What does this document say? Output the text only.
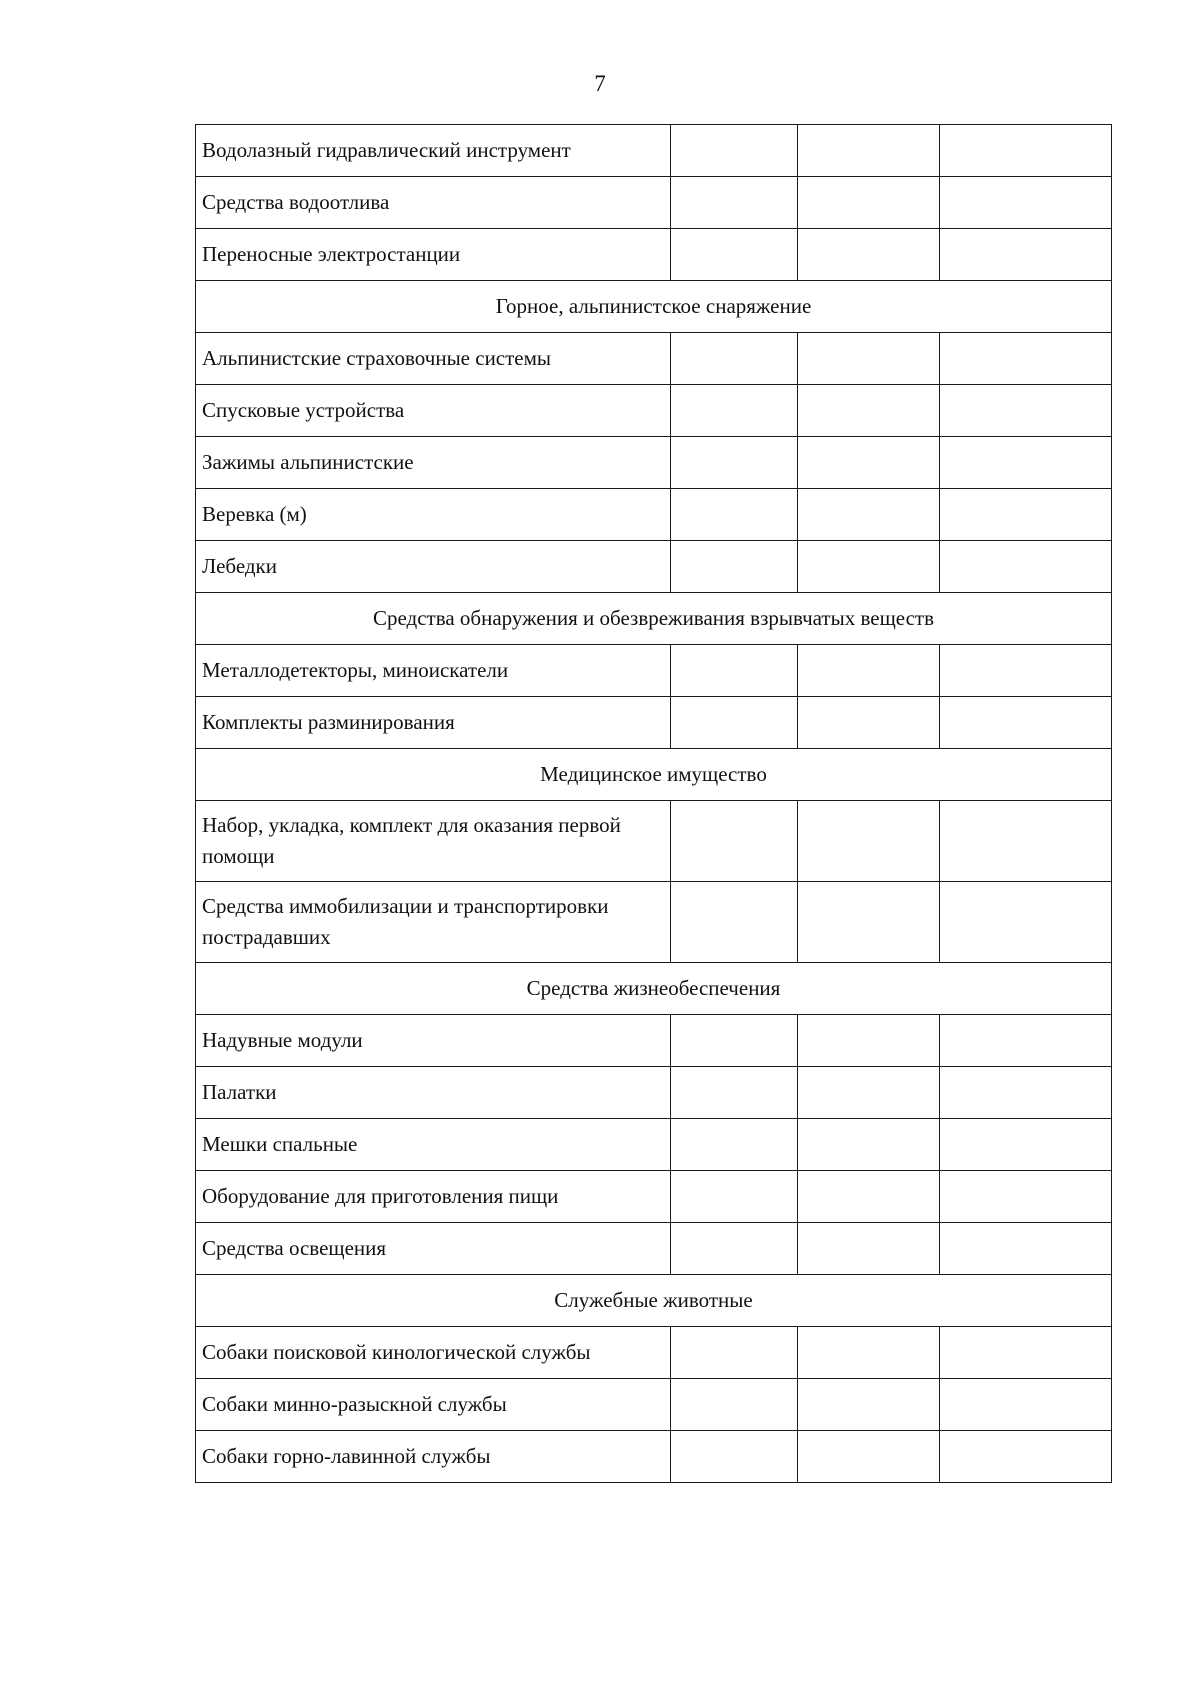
7
Водолазный гидравлический инструмент			
Средства водоотлива			
Переносные электростанции			
Горное, альпинистское снаряжение			
Альпинистские страховочные системы			
Спусковые устройства			
Зажимы альпинистские			
Веревка (м)			
Лебедки			
Средства обнаружения и обезвреживания взрывчатых веществ			
Металлодетекторы, миноискатели			
Комплекты разминирования			
Медицинское имущество			
Набор, укладка, комплект для оказания первой помощи			
Средства иммобилизации и транспортировки пострадавших			
Средства жизнеобеспечения			
Надувные модули			
Палатки			
Мешки спальные			
Оборудование для приготовления пищи			
Средства освещения			
Служебные животные			
Собаки поисковой кинологической службы			
Собаки минно-разыскной службы			
Собаки горно-лавинной службы			
